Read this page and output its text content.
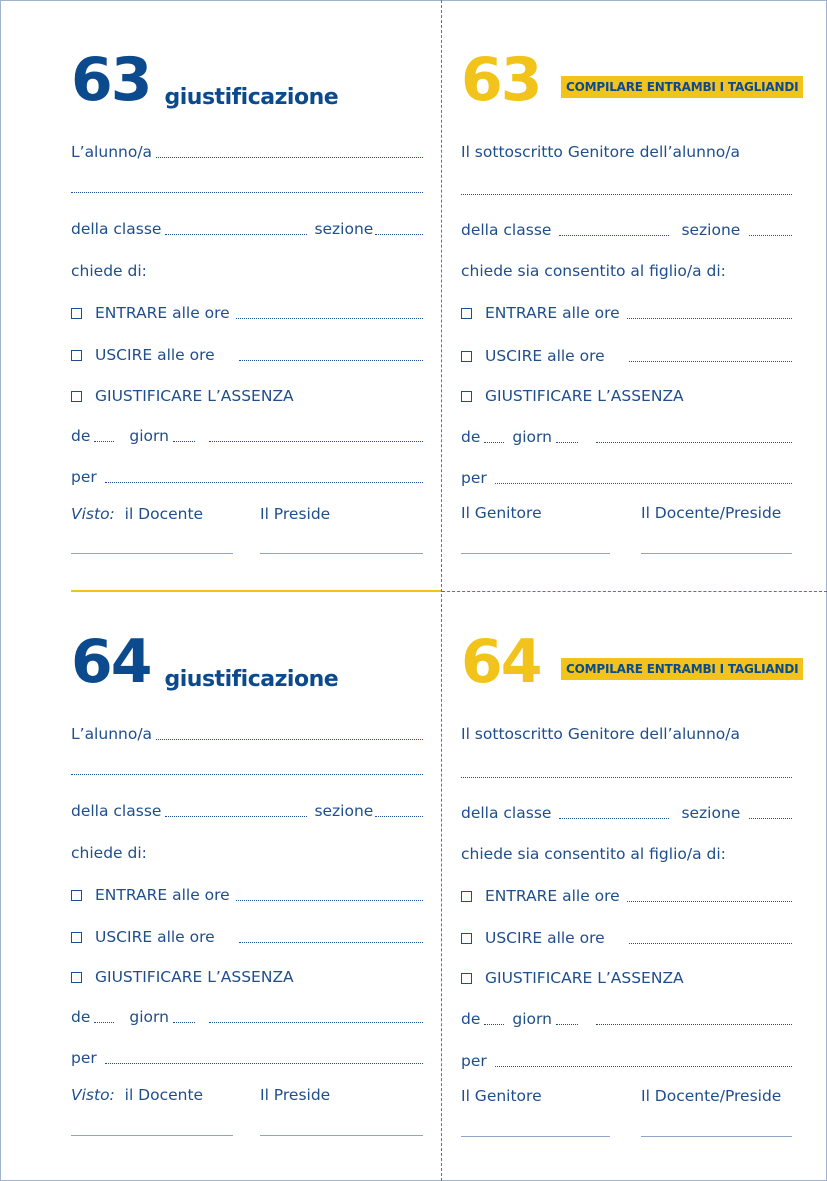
63 giustificazione
L’alunno/a
della classe	sezione
chiede di:
ENTRARE alle ore
USCIRE alle ore
GIUSTIFICARE L’ASSENZA
de	giorn
per
Visto:  il Docente	Il Preside
63	COMPILARE ENTRAMBI I TAGLIANDI
Il sottoscritto Genitore dell’alunno/a
della classe	sezione
chiede sia consentito al figlio/a di:
ENTRARE alle ore
USCIRE alle ore
GIUSTIFICARE L’ASSENZA
de giorn
per
Il Genitore	Il Docente/Preside
64 giustificazione
L’alunno/a
della classe	sezione
chiede di:
ENTRARE alle ore
USCIRE alle ore
GIUSTIFICARE L’ASSENZA
de	giorn
per
Visto:  il Docente	Il Preside
64	COMPILARE ENTRAMBI I TAGLIANDI
Il sottoscritto Genitore dell’alunno/a
della classe	sezione
chiede sia consentito al figlio/a di:
ENTRARE alle ore
USCIRE alle ore
GIUSTIFICARE L’ASSENZA
de giorn
per
Il Genitore	Il Docente/Preside
